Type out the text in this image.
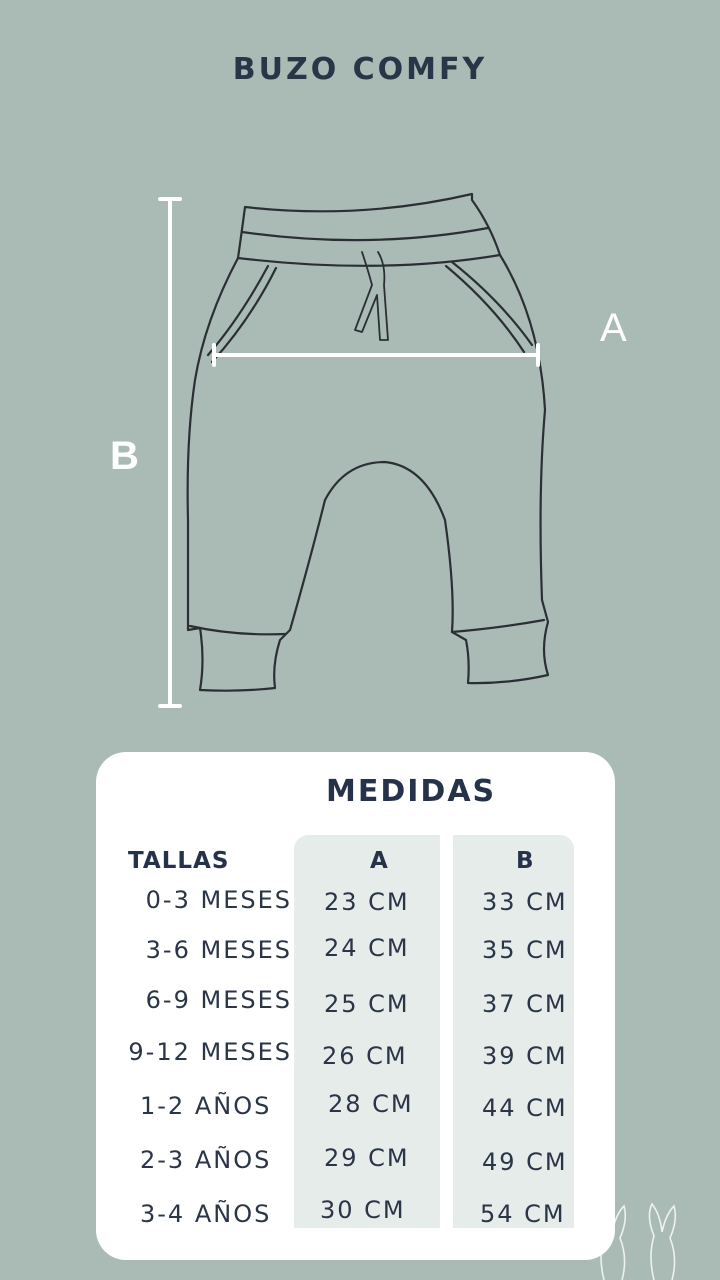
BUZO COMFY
A
B
MEDIDAS
TALLAS	A	B
0-3 MESES 23 CM	33 CM
3-6 MESES 24 CM	35 CM
6-9 MESES 25 CM	37 CM
9-12 MESES 26 CM	39 CM
1-2 AÑOS 28 CM	44 CM
2-3 AÑOS 29 CM	49 CM
3-4 AÑOS 30 CM	54 CM
